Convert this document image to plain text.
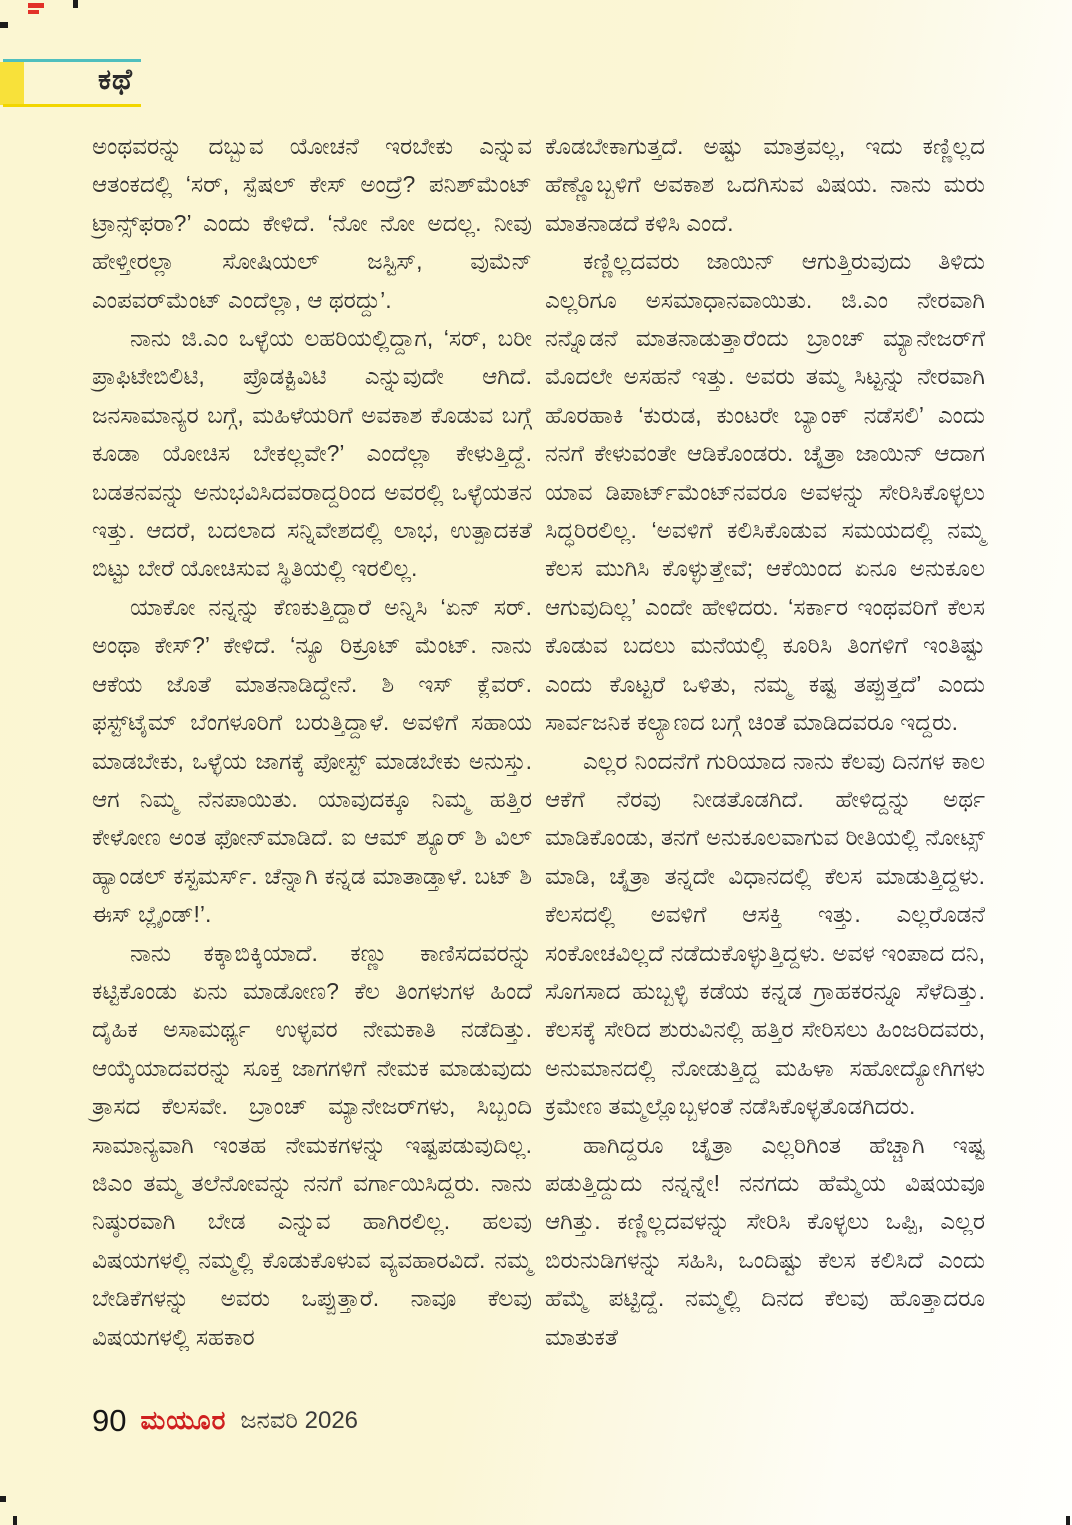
ಕಥೆ

ಅಂಥವರನ್ನು ದಬ್ಬುವ ಯೋಚನೆ ಇರಬೇಕು ಎನ್ನುವ ಆತಂಕದಲ್ಲಿ ‘ಸರ್, ಸ್ಪೆಷಲ್ ಕೇಸ್ ಅಂದ್ರೆ? ಪನಿಶ್‌ಮೆಂಟ್ ಟ್ರಾನ್ಸ್‌ಫರಾ?’ ಎಂದು ಕೇಳಿದೆ. ‘ನೋ ನೋ ಅದಲ್ಲ. ನೀವು ಹೇಳ್ತೀರಲ್ಲಾ ಸೋಷಿಯಲ್ ಜಸ್ಟಿಸ್, ವುಮೆನ್ ಎಂಪವರ್‌ಮೆಂಟ್ ಎಂದೆಲ್ಲಾ, ಆ ಥರದ್ದು’.

ನಾನು ಜಿ.ಎಂ ಒಳ್ಳೆಯ ಲಹರಿಯಲ್ಲಿದ್ದಾಗ, ‘ಸರ್, ಬರೀ ಪ್ರಾಫಿಟೇಬಿಲಿಟಿ, ಪ್ರೊಡಕ್ಟಿವಿಟಿ ಎನ್ನುವುದೇ ಆಗಿದೆ. ಜನಸಾಮಾನ್ಯರ ಬಗ್ಗೆ, ಮಹಿಳೆಯರಿಗೆ ಅವಕಾಶ ಕೊಡುವ ಬಗ್ಗೆ ಕೂಡಾ ಯೋಚಿಸ ಬೇಕಲ್ಲವೇ?’ ಎಂದೆಲ್ಲಾ ಕೇಳುತ್ತಿದ್ದೆ. ಬಡತನವನ್ನು ಅನುಭವಿಸಿದವರಾದ್ದರಿಂದ ಅವರಲ್ಲಿ ಒಳ್ಳೆಯತನ ಇತ್ತು. ಆದರೆ, ಬದಲಾದ ಸನ್ನಿವೇಶದಲ್ಲಿ ಲಾಭ, ಉತ್ಪಾದಕತೆ ಬಿಟ್ಟು ಬೇರೆ ಯೋಚಿಸುವ ಸ್ಥಿತಿಯಲ್ಲಿ ಇರಲಿಲ್ಲ.

ಯಾಕೋ ನನ್ನನ್ನು ಕೆಣಕುತ್ತಿದ್ದಾರೆ ಅನ್ನಿಸಿ ‘ಏನ್ ಸರ್. ಅಂಥಾ ಕೇಸ್?’ ಕೇಳಿದೆ. ‘ನ್ಯೂ ರಿಕ್ರೂಟ್ ಮೆಂಟ್. ನಾನು ಆಕೆಯ ಜೊತೆ ಮಾತನಾಡಿದ್ದೇನೆ. ಶಿ ಇಸ್ ಕ್ಲೆವರ್. ಫಸ್ಟ್‌ಟೈಮ್ ಬೆಂಗಳೂರಿಗೆ ಬರುತ್ತಿದ್ದಾಳೆ. ಅವಳಿಗೆ ಸಹಾಯ ಮಾಡಬೇಕು, ಒಳ್ಳೆಯ ಜಾಗಕ್ಕೆ ಪೋಸ್ಟ್ ಮಾಡಬೇಕು ಅನುಸ್ತು. ಆಗ ನಿಮ್ಮ ನೆನಪಾಯಿತು. ಯಾವುದಕ್ಕೂ ನಿಮ್ಮ ಹತ್ತಿರ ಕೇಳೋಣ ಅಂತ ಫೋನ್‌ಮಾಡಿದೆ. ಐ ಆಮ್ ಶ್ಯೂರ್ ಶಿ ವಿಲ್ ಹ್ಯಾಂಡಲ್ ಕಸ್ಟಮರ್ಸ್. ಚೆನ್ನಾಗಿ ಕನ್ನಡ ಮಾತಾಡ್ತಾಳೆ. ಬಟ್ ಶಿ ಈಸ್ ಬ್ಲೈಂಡ್!’.

ನಾನು ಕಕ್ಕಾಬಿಕ್ಕಿಯಾದೆ. ಕಣ್ಣು ಕಾಣಿಸದವರನ್ನು ಕಟ್ಟಿಕೊಂಡು ಏನು ಮಾಡೋಣ? ಕೆಲ ತಿಂಗಳುಗಳ ಹಿಂದೆ ದೈಹಿಕ ಅಸಾಮರ್ಥ್ಯ ಉಳ್ಳವರ ನೇಮಕಾತಿ ನಡೆದಿತ್ತು. ಆಯ್ಕೆಯಾದವರನ್ನು ಸೂಕ್ತ ಜಾಗಗಳಿಗೆ ನೇಮಕ ಮಾಡುವುದು ತ್ರಾಸದ ಕೆಲಸವೇ. ಬ್ರಾಂಚ್ ಮ್ಯಾನೇಜರ್‌ಗಳು, ಸಿಬ್ಬಂದಿ ಸಾಮಾನ್ಯವಾಗಿ ಇಂತಹ ನೇಮಕಗಳನ್ನು ಇಷ್ಟಪಡುವುದಿಲ್ಲ. ಜಿಎಂ ತಮ್ಮ ತಲೆನೋವನ್ನು ನನಗೆ ವರ್ಗಾಯಿಸಿದ್ದರು. ನಾನು ನಿಷ್ಠುರವಾಗಿ ಬೇಡ ಎನ್ನುವ ಹಾಗಿರಲಿಲ್ಲ. ಹಲವು ವಿಷಯಗಳಲ್ಲಿ ನಮ್ಮಲ್ಲಿ ಕೊಡುಕೊಳುವ ವ್ಯವಹಾರವಿದೆ. ನಮ್ಮ ಬೇಡಿಕೆಗಳನ್ನು ಅವರು ಒಪ್ಪುತ್ತಾರೆ. ನಾವೂ ಕೆಲವು ವಿಷಯಗಳಲ್ಲಿ ಸಹಕಾರ

ಕೊಡಬೇಕಾಗುತ್ತದೆ. ಅಷ್ಟು ಮಾತ್ರವಲ್ಲ, ಇದು ಕಣ್ಣಿಲ್ಲದ ಹೆಣ್ಣೊಬ್ಬಳಿಗೆ ಅವಕಾಶ ಒದಗಿಸುವ ವಿಷಯ. ನಾನು ಮರು ಮಾತನಾಡದೆ ಕಳಿಸಿ ಎಂದೆ.

ಕಣ್ಣಿಲ್ಲದವರು ಜಾಯಿನ್ ಆಗುತ್ತಿರುವುದು ತಿಳಿದು ಎಲ್ಲರಿಗೂ ಅಸಮಾಧಾನವಾಯಿತು. ಜಿ.ಎಂ ನೇರವಾಗಿ ನನ್ನೊಡನೆ ಮಾತನಾಡುತ್ತಾರೆಂದು ಬ್ರಾಂಚ್ ಮ್ಯಾನೇಜರ್‌ಗೆ ಮೊದಲೇ ಅಸಹನೆ ಇತ್ತು. ಅವರು ತಮ್ಮ ಸಿಟ್ಟನ್ನು ನೇರವಾಗಿ ಹೊರಹಾಕಿ ‘ಕುರುಡ, ಕುಂಟರೇ ಬ್ಯಾಂಕ್ ನಡೆಸಲಿ’ ಎಂದು ನನಗೆ ಕೇಳುವಂತೇ ಆಡಿಕೊಂಡರು. ಚೈತ್ರಾ ಜಾಯಿನ್ ಆದಾಗ ಯಾವ ಡಿಪಾರ್ಟ್‌ಮೆಂಟ್‌ನವರೂ ಅವಳನ್ನು ಸೇರಿಸಿಕೊಳ್ಳಲು ಸಿದ್ಧರಿರಲಿಲ್ಲ. ‘ಅವಳಿಗೆ ಕಲಿಸಿಕೊಡುವ ಸಮಯದಲ್ಲಿ ನಮ್ಮ ಕೆಲಸ ಮುಗಿಸಿ ಕೊಳ್ಳುತ್ತೇವೆ; ಆಕೆಯಿಂದ ಏನೂ ಅನುಕೂಲ ಆಗುವುದಿಲ್ಲ’ ಎಂದೇ ಹೇಳಿದರು. ‘ಸರ್ಕಾರ ಇಂಥವರಿಗೆ ಕೆಲಸ ಕೊಡುವ ಬದಲು ಮನೆಯಲ್ಲಿ ಕೂರಿಸಿ ತಿಂಗಳಿಗೆ ಇಂತಿಷ್ಟು ಎಂದು ಕೊಟ್ಟರೆ ಒಳಿತು, ನಮ್ಮ ಕಷ್ಟ ತಪ್ಪುತ್ತದೆ’ ಎಂದು ಸಾರ್ವಜನಿಕ ಕಲ್ಯಾಣದ ಬಗ್ಗೆ ಚಿಂತೆ ಮಾಡಿದವರೂ ಇದ್ದರು.

ಎಲ್ಲರ ನಿಂದನೆಗೆ ಗುರಿಯಾದ ನಾನು ಕೆಲವು ದಿನಗಳ ಕಾಲ ಆಕೆಗೆ ನೆರವು ನೀಡತೊಡಗಿದೆ. ಹೇಳಿದ್ದನ್ನು ಅರ್ಥ ಮಾಡಿಕೊಂಡು, ತನಗೆ ಅನುಕೂಲವಾಗುವ ರೀತಿಯಲ್ಲಿ ನೋಟ್ಸ್ ಮಾಡಿ, ಚೈತ್ರಾ ತನ್ನದೇ ವಿಧಾನದಲ್ಲಿ ಕೆಲಸ ಮಾಡುತ್ತಿದ್ದಳು. ಕೆಲಸದಲ್ಲಿ ಅವಳಿಗೆ ಆಸಕ್ತಿ ಇತ್ತು. ಎಲ್ಲರೊಡನೆ ಸಂಕೋಚವಿಲ್ಲದೆ ನಡೆದುಕೊಳ್ಳುತ್ತಿದ್ದಳು. ಅವಳ ಇಂಪಾದ ದನಿ, ಸೊಗಸಾದ ಹುಬ್ಬಳ್ಳಿ ಕಡೆಯ ಕನ್ನಡ ಗ್ರಾಹಕರನ್ನೂ ಸೆಳೆದಿತ್ತು. ಕೆಲಸಕ್ಕೆ ಸೇರಿದ ಶುರುವಿನಲ್ಲಿ ಹತ್ತಿರ ಸೇರಿಸಲು ಹಿಂಜರಿದವರು, ಅನುಮಾನದಲ್ಲಿ ನೋಡುತ್ತಿದ್ದ ಮಹಿಳಾ ಸಹೋದ್ಯೋಗಿಗಳು ಕ್ರಮೇಣ ತಮ್ಮಲ್ಲೊಬ್ಬಳಂತೆ ನಡೆಸಿಕೊಳ್ಳತೊಡಗಿದರು.

ಹಾಗಿದ್ದರೂ ಚೈತ್ರಾ ಎಲ್ಲರಿಗಿಂತ ಹೆಚ್ಚಾಗಿ ಇಷ್ಟ ಪಡುತ್ತಿದ್ದುದು ನನ್ನನ್ನೇ! ನನಗದು ಹೆಮ್ಮೆಯ ವಿಷಯವೂ ಆಗಿತ್ತು. ಕಣ್ಣಿಲ್ಲದವಳನ್ನು ಸೇರಿಸಿ ಕೊಳ್ಳಲು ಒಪ್ಪಿ, ಎಲ್ಲರ ಬಿರುನುಡಿಗಳನ್ನು ಸಹಿಸಿ, ಒಂದಿಷ್ಟು ಕೆಲಸ ಕಲಿಸಿದೆ ಎಂದು ಹೆಮ್ಮೆ ಪಟ್ಟಿದ್ದೆ. ನಮ್ಮಲ್ಲಿ ದಿನದ ಕೆಲವು ಹೊತ್ತಾದರೂ ಮಾತುಕತೆ

90 ಮಯೂರ ಜನವರಿ 2026
